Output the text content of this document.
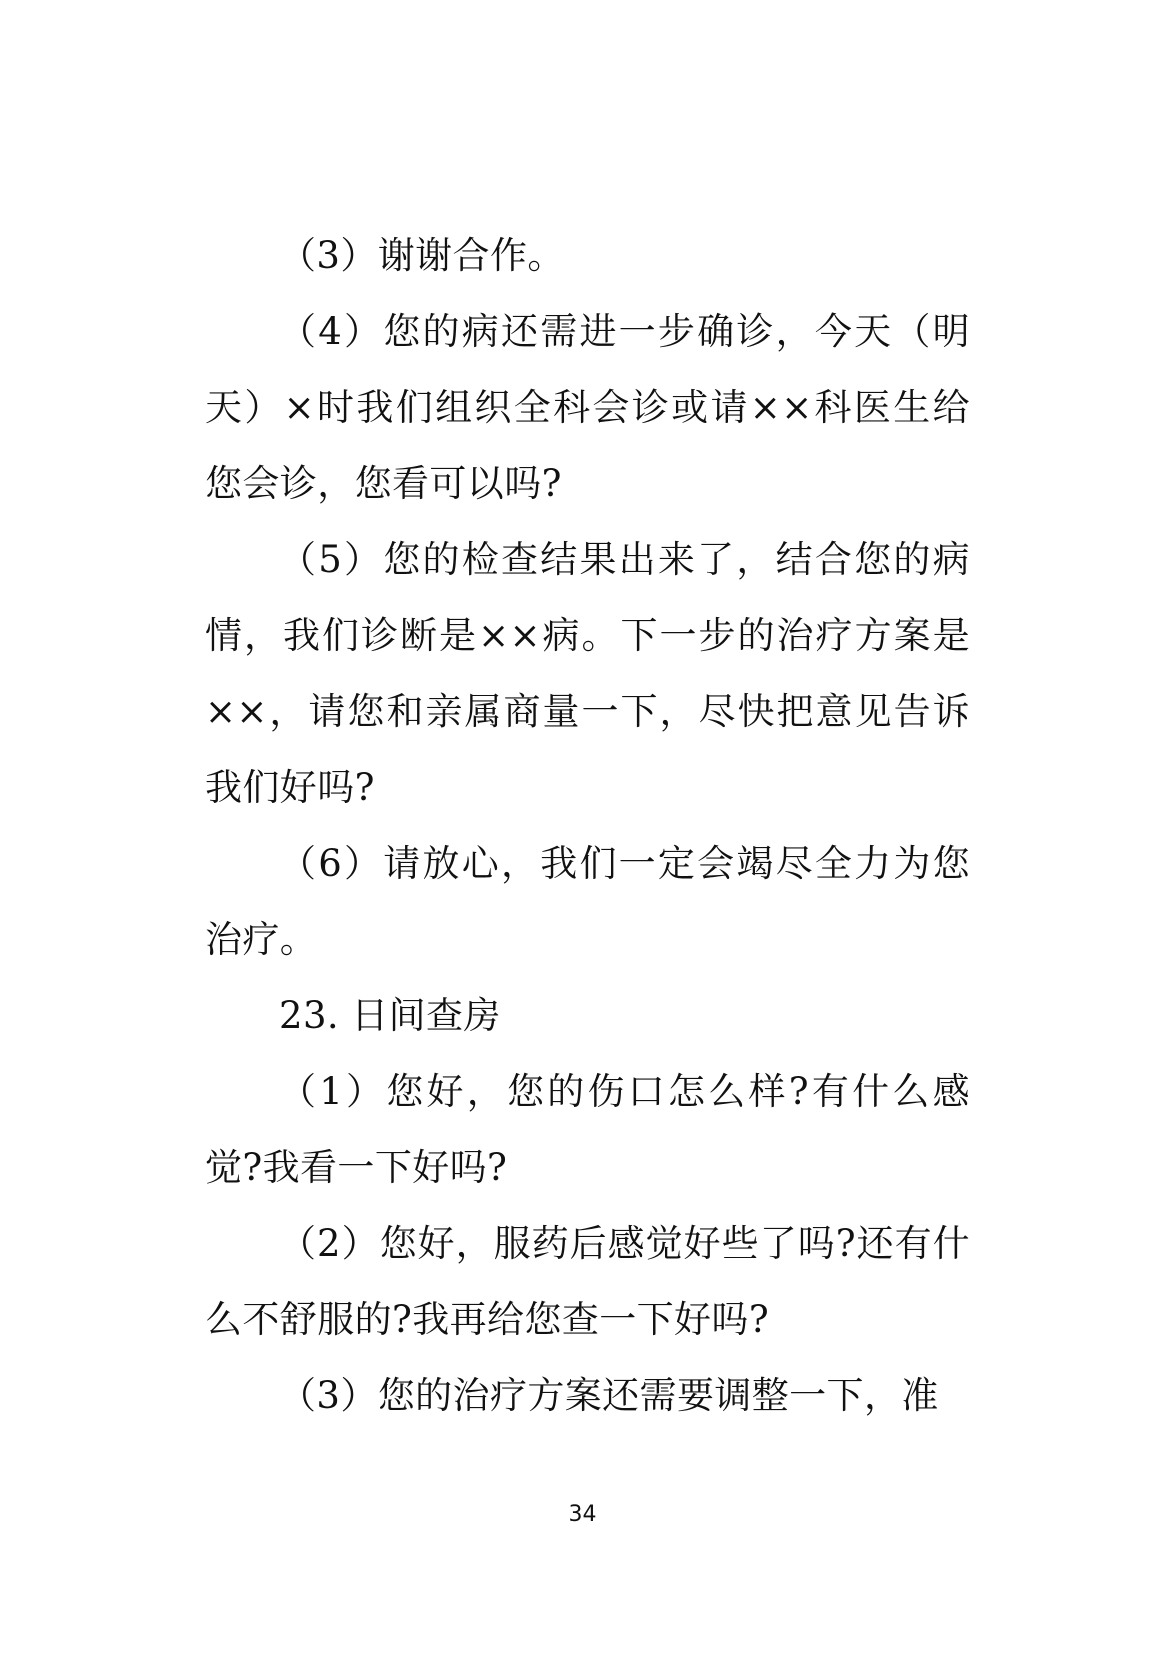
（3）谢谢合作。

（4）您的病还需进一步确诊，今天（明天）×时我们组织全科会诊或请××科医生给您会诊，您看可以吗?

（5）您的检查结果出来了，结合您的病情，我们诊断是××病。下一步的治疗方案是××，请您和亲属商量一下，尽快把意见告诉我们好吗?

（6）请放心，我们一定会竭尽全力为您治疗。

23. 日间查房

（1）您好，您的伤口怎么样?有什么感觉?我看一下好吗?

（2）您好，服药后感觉好些了吗?还有什么不舒服的?我再给您查一下好吗?

（3）您的治疗方案还需要调整一下，准

34
